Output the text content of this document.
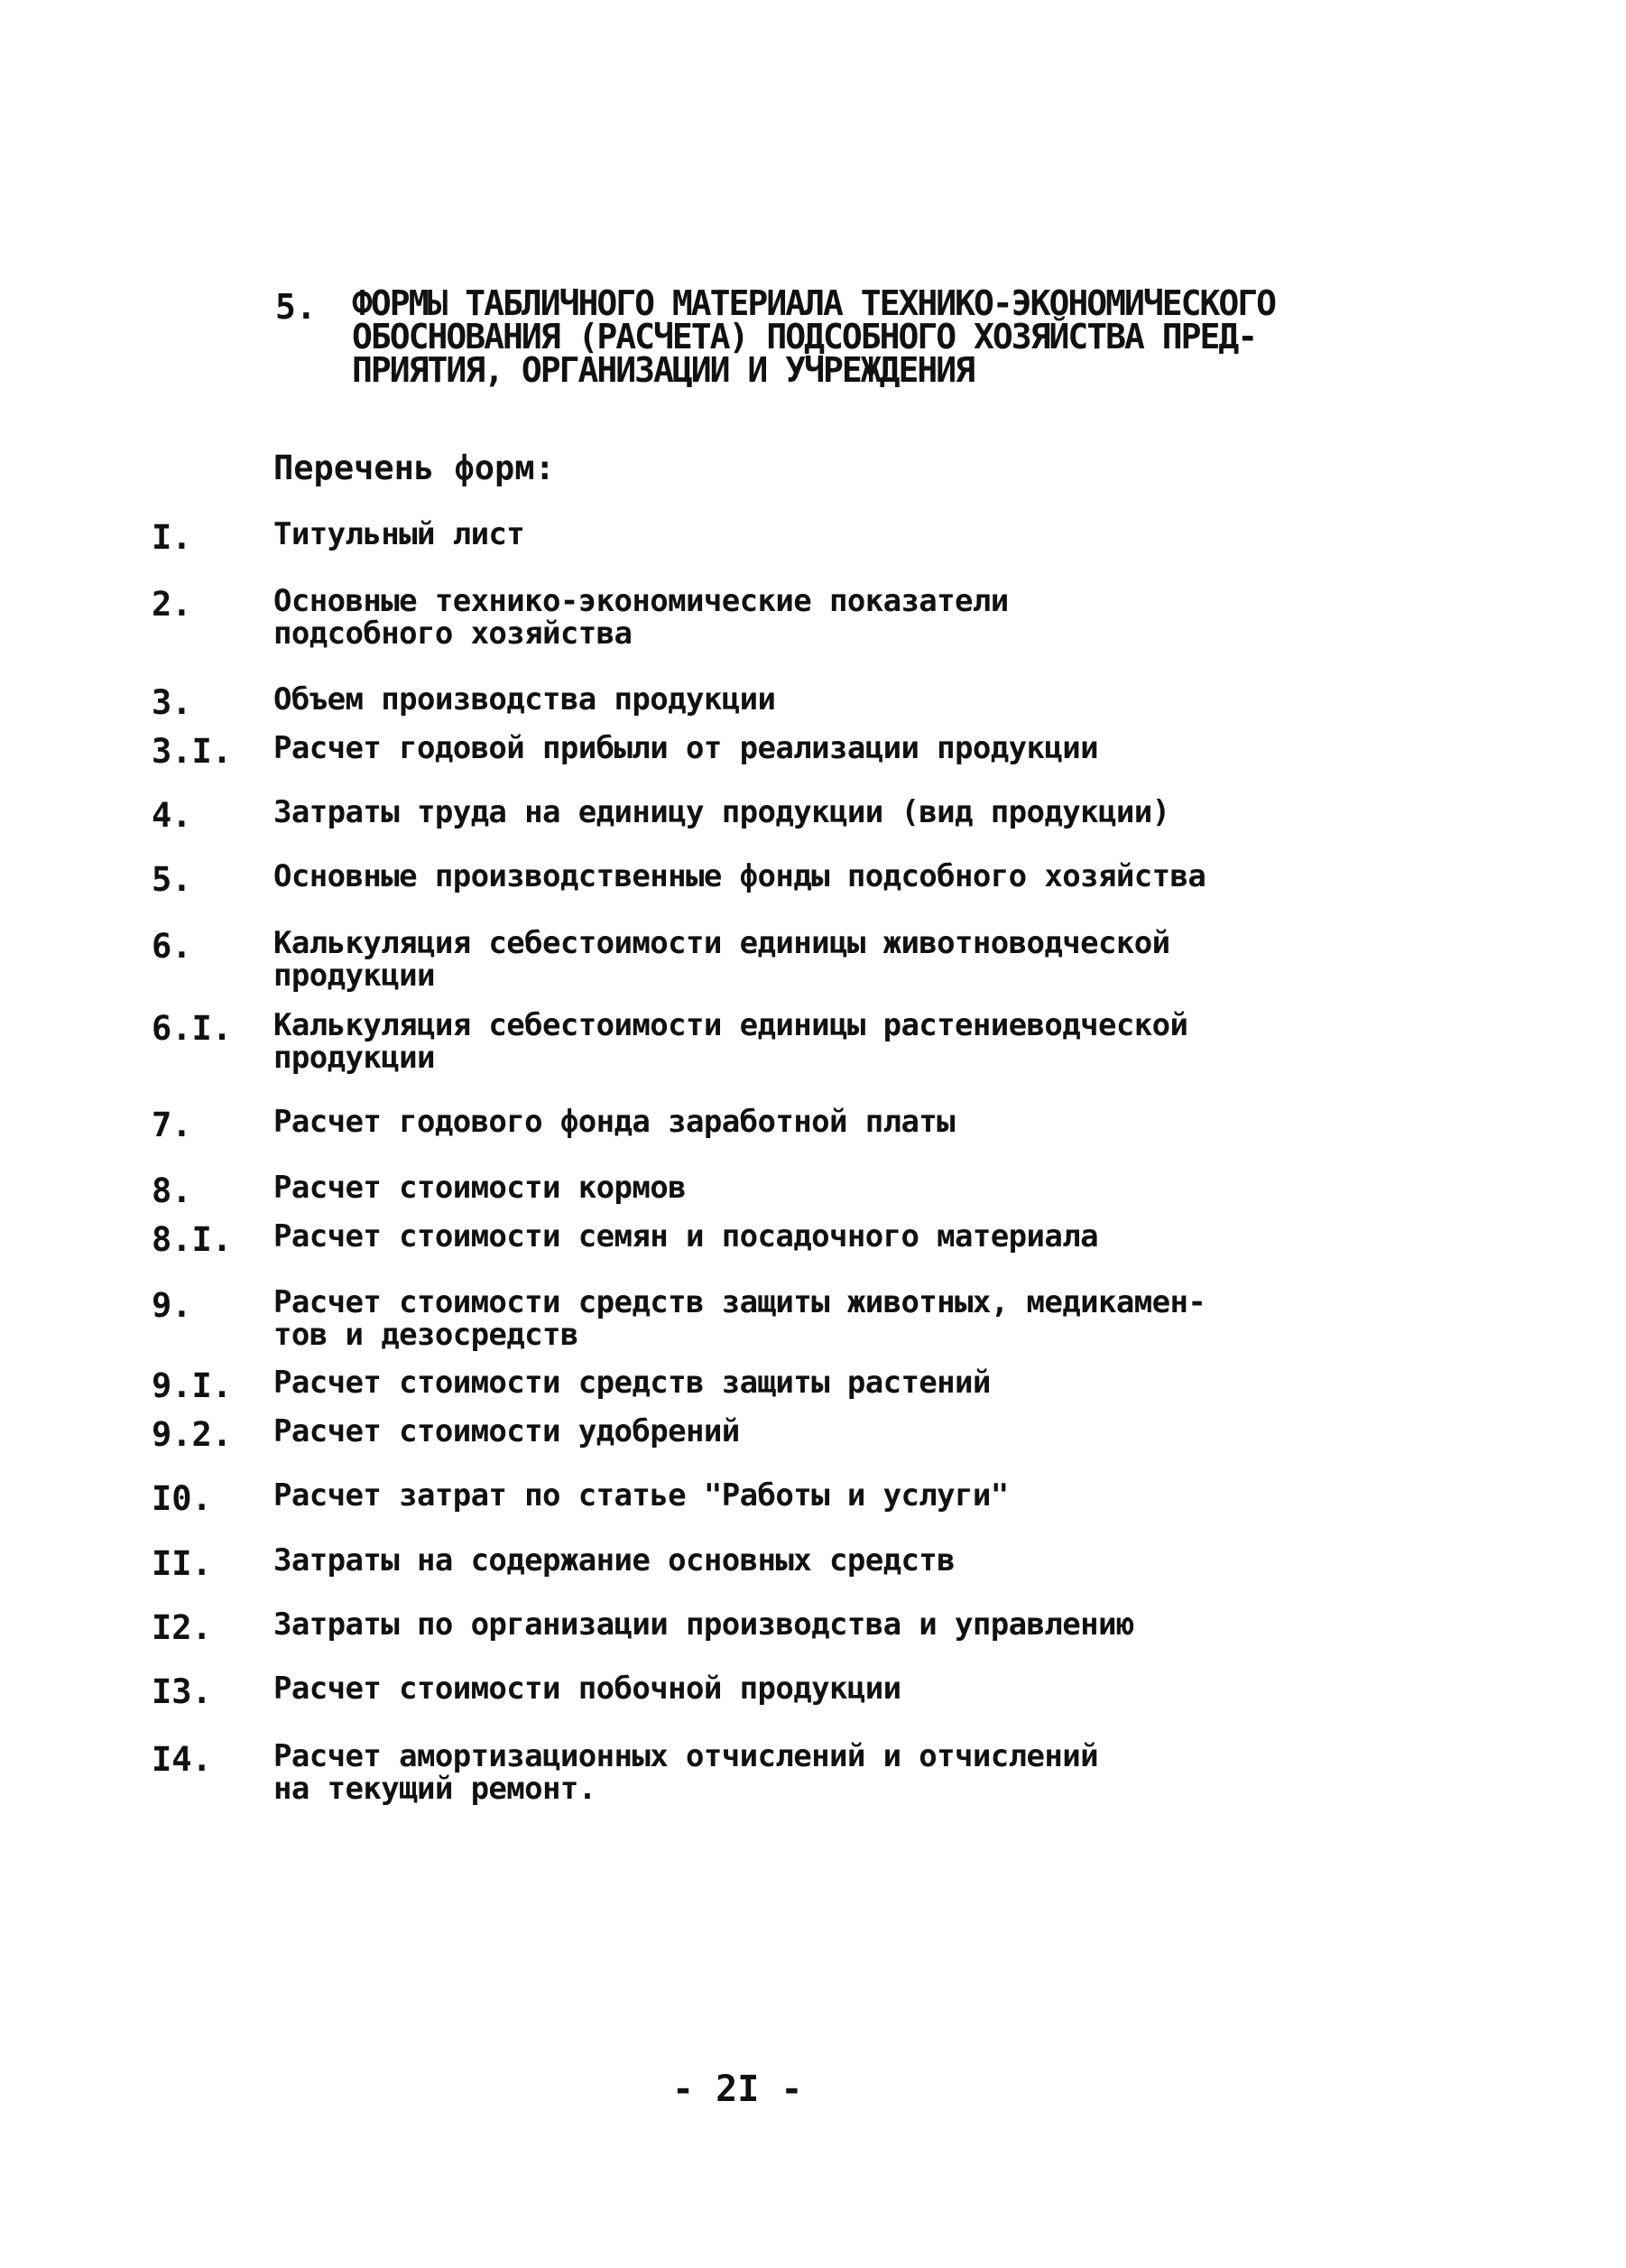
5. ФОРМЫ ТАБЛИЧНОГО МАТЕРИАЛА ТЕХНИКО-ЭКОНОМИЧЕСКОГО
ОБОСНОВАНИЯ (РАСЧЕТА) ПОДСОБНОГО ХОЗЯЙСТВА ПРЕД-
ПРИЯТИЯ, ОРГАНИЗАЦИИ И УЧРЕЖДЕНИЯ
Перечень форм:
I.	Титульный лист
2.	Основные технико-экономические показатели
подсобного хозяйства
3.	Объем производства продукции
3.I. Расчет годовой прибыли от реализации продукции
4.	Затраты труда на единицу продукции (вид продукции)
5.	Основные производственные фонды подсобного хозяйства
6.	Калькуляция себестоимости единицы животноводческой
продукции
6.I. Калькуляция себестоимости единицы растениеводческой
продукции
7.	Расчет годового фонда заработной платы
8.	Расчет стоимости кормов
8.I. Расчет стоимости семян и посадочного материала
9.	Расчет стоимости средств защиты животных, медикамен-
тов и дезосредств
9.I. Расчет стоимости средств защиты растений
9.2. Расчет стоимости удобрений
I0. Расчет затрат по статье "Работы и услуги"
II. Затраты на содержание основных средств
I2. Затраты по организации производства и управлению
I3. Расчет стоимости побочной продукции
I4. Расчет амортизационных отчислений и отчислений
на текущий ремонт.
- 2I -
